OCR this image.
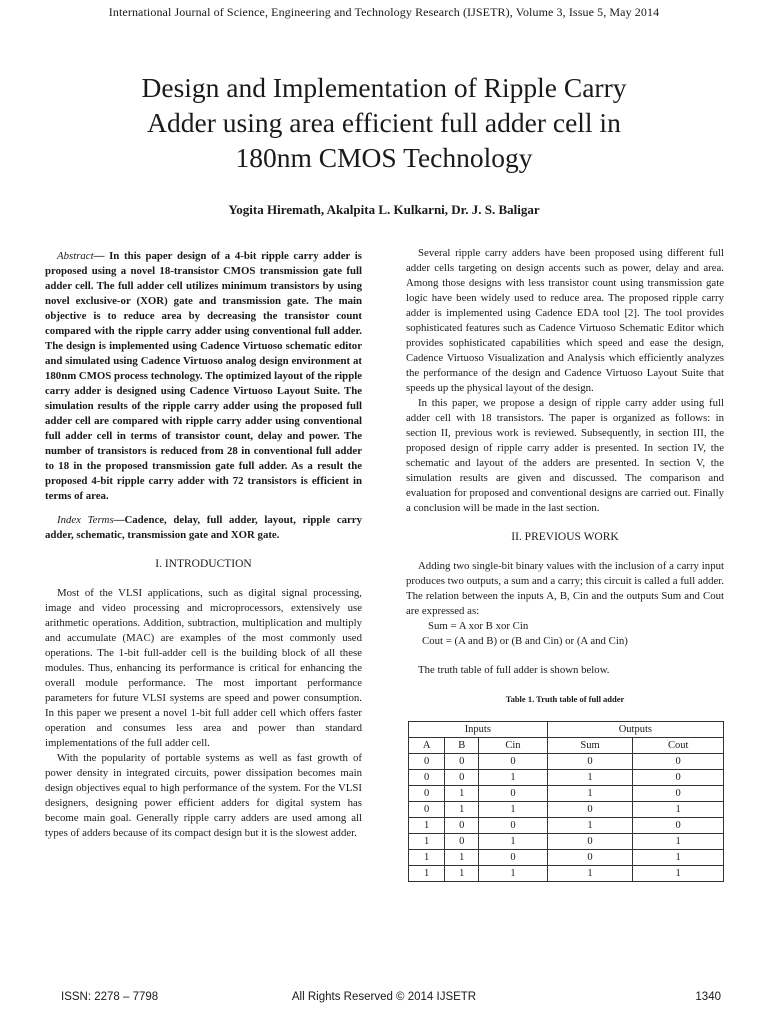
International Journal of Science, Engineering and Technology Research (IJSETR), Volume 3, Issue 5, May 2014
Design and Implementation of Ripple Carry
Adder using area efficient full adder cell in
180nm CMOS Technology
Yogita Hiremath, Akalpita L. Kulkarni, Dr. J. S. Baligar

Abstract— In this paper design of a 4-bit ripple carry adder is proposed using a novel 18-transistor CMOS transmission gate full adder cell. The full adder cell utilizes minimum transistors by using novel exclusive-or (XOR) gate and transmission gate. The main objective is to reduce area by decreasing the transistor count compared with the ripple carry adder using conventional full adder. The design is implemented using Cadence Virtuoso schematic editor and simulated using Cadence Virtuoso analog design environment at 180nm CMOS process technology. The optimized layout of the ripple carry adder is designed using Cadence Virtuoso Layout Suite. The simulation results of the ripple carry adder using the proposed full adder cell are compared with ripple carry adder using conventional full adder cell in terms of transistor count, delay and power. The number of transistors is reduced from 28 in conventional full adder to 18 in the proposed transmission gate full adder. As a result the proposed 4-bit ripple carry adder with 72 transistors is efficient in terms of area.

Index Terms—Cadence, delay, full adder, layout, ripple carry adder, schematic, transmission gate and XOR gate.

I. INTRODUCTION

Most of the VLSI applications, such as digital signal processing, image and video processing and microprocessors, extensively use arithmetic operations. Addition, subtraction, multiplication and multiply and accumulate (MAC) are examples of the most commonly used operations. The 1-bit full-adder cell is the building block of all these modules. Thus, enhancing its performance is critical for enhancing the overall module performance. The most important performance parameters for future VLSI systems are speed and power consumption. In this paper we present a novel 1-bit full adder cell which offers faster operation and consumes less area and power than standard implementations of the full adder cell.

With the popularity of portable systems as well as fast growth of power density in integrated circuits, power dissipation becomes main design objectives equal to high performance of the system. For the VLSI designers, designing power efficient adders for digital system has become main goal. Generally ripple carry adders are used among all types of adders because of its compact design but it is the slowest adder.

Several ripple carry adders have been proposed using different full adder cells targeting on design accents such as power, delay and area. Among those designs with less transistor count using transmission gate logic have been widely used to reduce area. The proposed ripple carry adder is implemented using Cadence EDA tool [2]. The tool provides sophisticated features such as Cadence Virtuoso Schematic Editor which provides sophisticated capabilities which speed and ease the design, Cadence Virtuoso Visualization and Analysis which efficiently analyzes the performance of the design and Cadence Virtuoso Layout Suite that speeds up the physical layout of the design.

In this paper, we propose a design of ripple carry adder using full adder cell with 18 transistors. The paper is organized as follows: in section II, previous work is reviewed. Subsequently, in section III, the proposed design of ripple carry adder is presented. In section IV, the schematic and layout of the adders are presented. In section V, the simulation results are given and discussed. The comparison and evaluation for proposed and conventional designs are carried out. Finally a conclusion will be made in the last section.

II. PREVIOUS WORK

Adding two single-bit binary values with the inclusion of a carry input produces two outputs, a sum and a carry; this circuit is called a full adder. The relation between the inputs A, B, Cin and the outputs Sum and Cout are expressed as:

Sum = A xor B xor Cin

Cout = (A and B) or (B and Cin) or (A and Cin)

The truth table of full adder is shown below.

Table 1. Truth table of full adder
Inputs			Outputs	
A	B	Cin	Sum	Cout
0	0	0	0	0
0	0	1	1	0
0	1	0	1	0
0	1	1	0	1
1	0	0	1	0
1	0	1	0	1
1	1	0	0	1
1	1	1	1	1
ISSN: 2278 – 7798	All Rights Reserved © 2014 IJSETR	1340
